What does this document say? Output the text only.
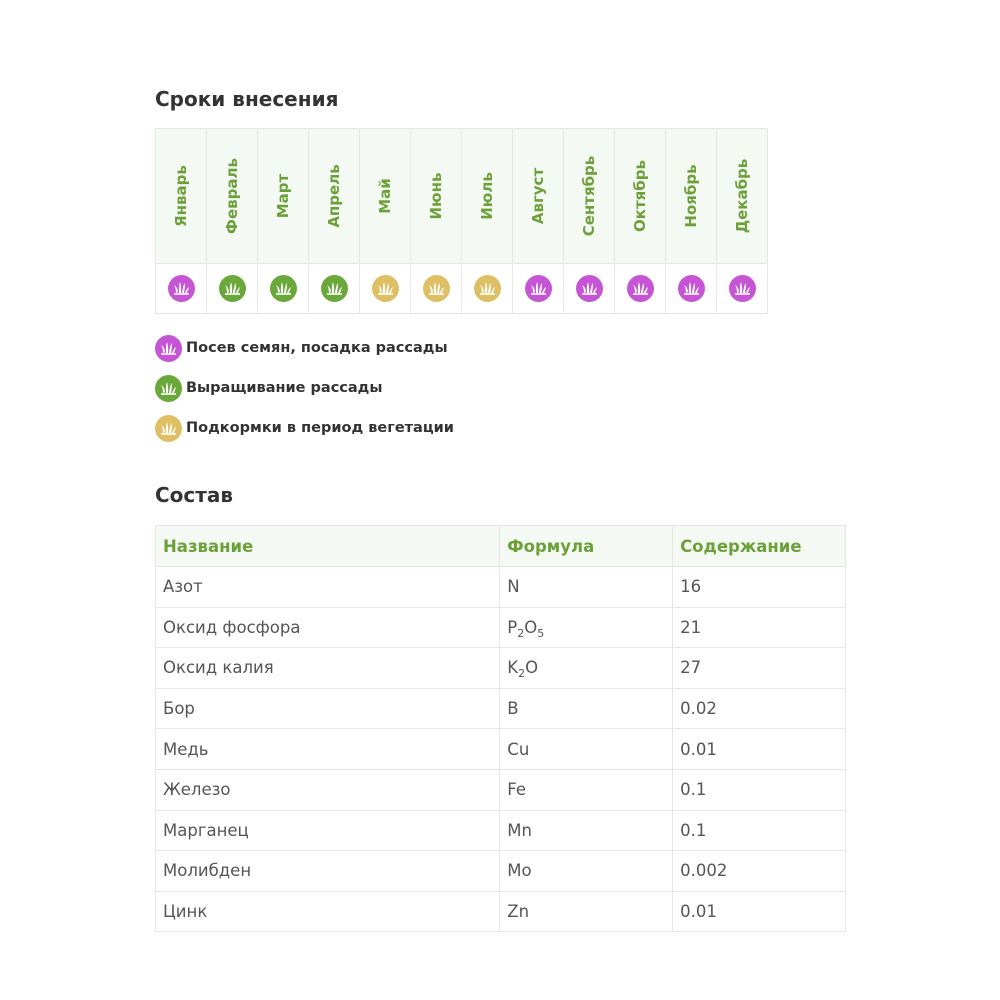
Сроки внесения
Январь	Февраль	Март	Апрель	Май	Июнь	Июль	Август	Сентябрь	Октябрь	Ноябрь	Декабрь

Посев семян, посадка рассады
Выращивание рассады
Подкормки в период вегетации
Состав
Название	Формула	Содержание
Азот	N	16
Оксид фосфора	$P_2O_5$	21
Оксид калия	$K_2O$	27
Бор	B	0.02
Медь	Cu	0.01
Железо	Fe	0.1
Марганец	Mn	0.1
Молибден	Mo	0.002
Цинк	Zn	0.01
